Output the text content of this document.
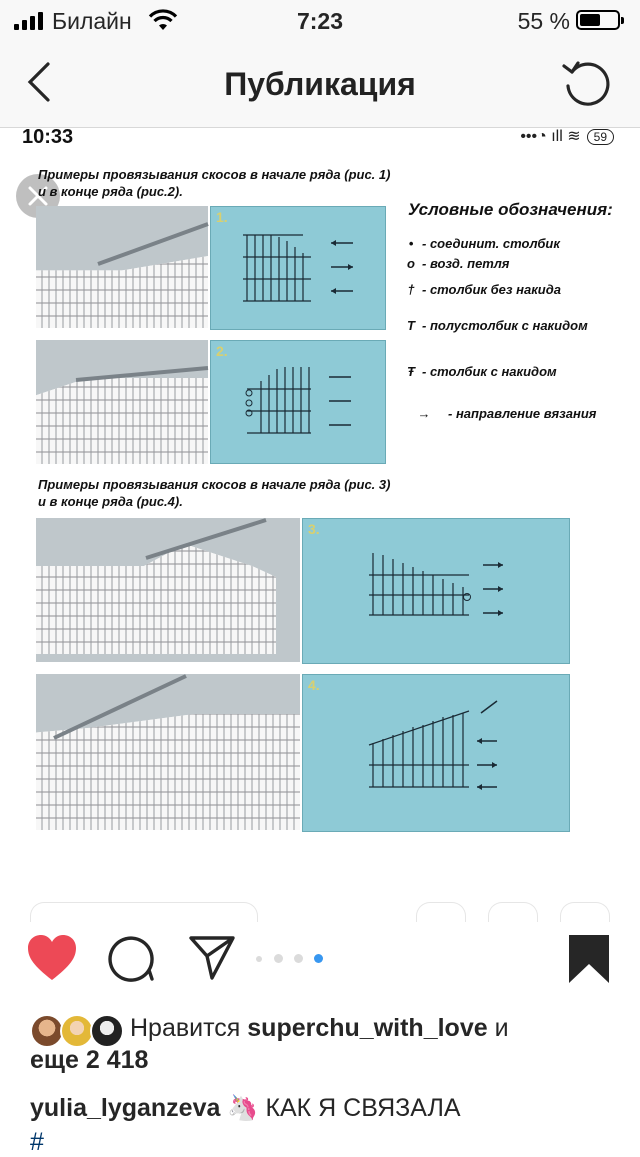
Билайн	7:23	55 %
Публикация
10:33	•••◔ ıll ≋ 59
Примеры провязывания скосов в начале ряда (рис. 1)
и в конце ряда (рис.2).
1.	Условные обозначения:
• - соединит. столбик
o - возд. петля
† - столбик без накида
T - полустолбик с накидом
Ŧ - столбик с накидом
→ - направление вязания
2.
Примеры провязывания скосов в начале ряда (рис. 3)
и в конце ряда (рис.4).
3.
4.
Нравится superchu_with_love и
еще 2 418
yulia_lyganzeva 🦄 КАК Я СВЯЗАЛА
#
